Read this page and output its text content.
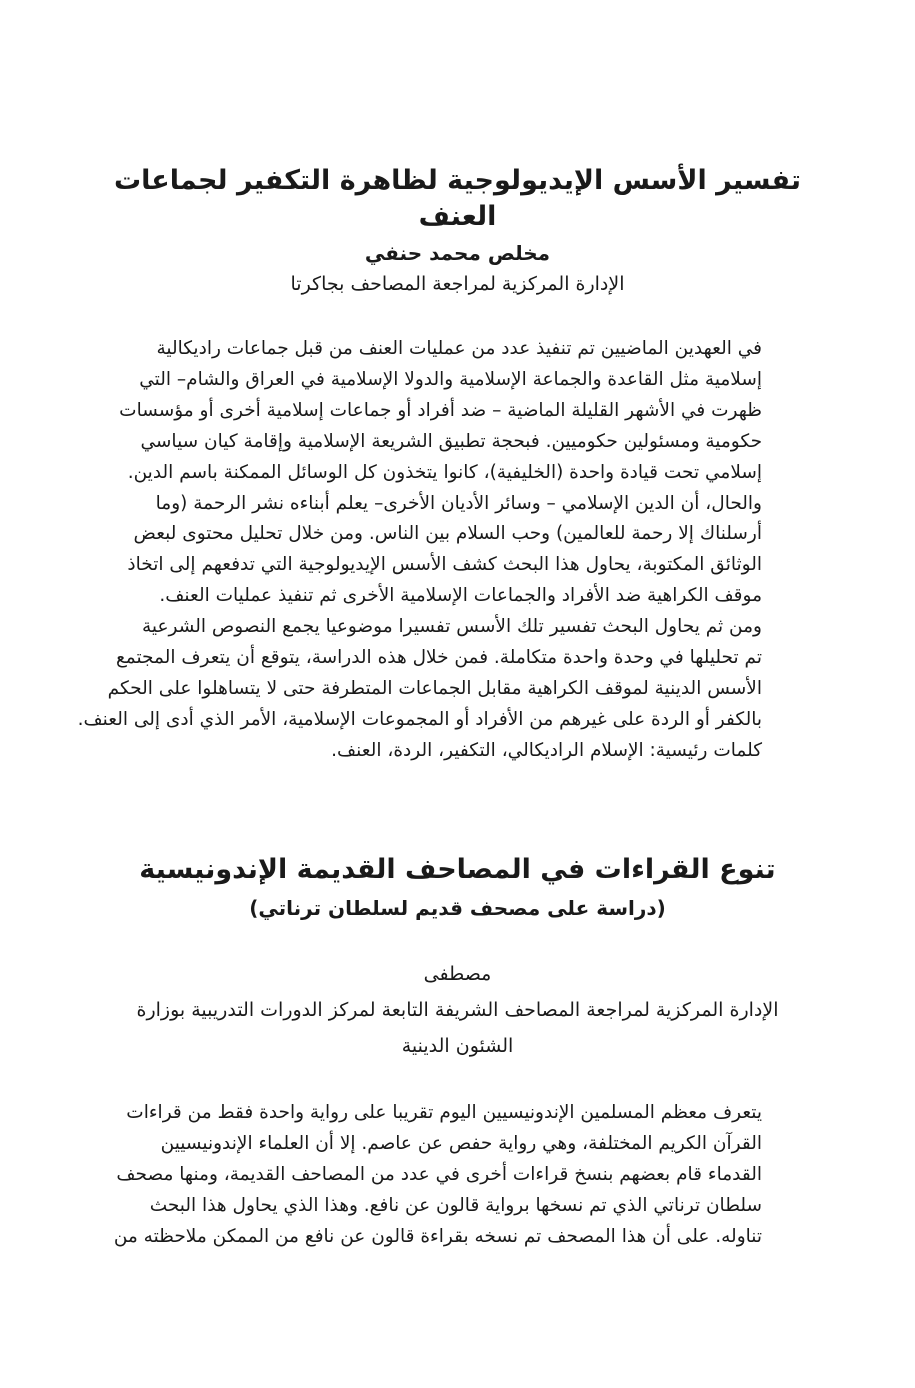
تفسير الأسس الإيديولوجية لظاهرة التكفير لجماعات العنف
مخلص محمد حنفي
الإدارة المركزية لمراجعة المصاحف بجاكرتا
في العهدين الماضيين تم تنفيذ عدد من عمليات العنف من قبل جماعات راديكالية
إسلامية مثل القاعدة والجماعة الإسلامية والدولا الإسلامية في العراق والشام– التي
ظهرت في الأشهر القليلة الماضية – ضد أفراد أو جماعات إسلامية أخرى أو مؤسسات
حكومية ومسئولين حكوميين. فبحجة تطبيق الشريعة الإسلامية وإقامة كيان سياسي
إسلامي تحت قيادة واحدة (الخليفية)، كانوا يتخذون كل الوسائل الممكنة باسم الدين.
والحال، أن الدين الإسلامي – وسائر الأديان الأخرى– يعلم أبناءه نشر الرحمة (وما
أرسلناك إلا رحمة للعالمين) وحب السلام بين الناس. ومن خلال تحليل محتوى لبعض
الوثائق المكتوبة، يحاول هذا البحث كشف الأسس الإيديولوجية التي تدفعهم إلى اتخاذ
موقف الكراهية ضد الأفراد والجماعات الإسلامية الأخرى ثم تنفيذ عمليات العنف.
ومن ثم يحاول البحث تفسير تلك الأسس تفسيرا موضوعيا يجمع النصوص الشرعية
تم تحليلها في وحدة واحدة متكاملة. فمن خلال هذه الدراسة، يتوقع أن يتعرف المجتمع
الأسس الدينية لموقف الكراهية مقابل الجماعات المتطرفة حتى لا يتساهلوا على الحكم
بالكفر أو الردة على غيرهم من الأفراد أو المجموعات الإسلامية، الأمر الذي أدى إلى العنف.
كلمات رئيسية: الإسلام الراديكالي، التكفير، الردة، العنف.
تنوع القراءات في المصاحف القديمة الإندونيسية
(دراسة على مصحف قديم لسلطان ترناتي)
مصطفى
الإدارة المركزية لمراجعة المصاحف الشريفة التابعة لمركز الدورات التدريبية بوزارة
الشئون الدينية
يتعرف معظم المسلمين الإندونيسيين اليوم تقريبا على رواية واحدة فقط من قراءات
القرآن الكريم المختلفة، وهي رواية حفص عن عاصم. إلا أن العلماء الإندونيسيين
القدماء قام بعضهم بنسخ قراءات أخرى في عدد من المصاحف القديمة، ومنها مصحف
سلطان ترناتي الذي تم نسخها برواية قالون عن نافع. وهذا الذي يحاول هذا البحث
تناوله. على أن هذا المصحف تم نسخه بقراءة قالون عن نافع من الممكن ملاحظته من
